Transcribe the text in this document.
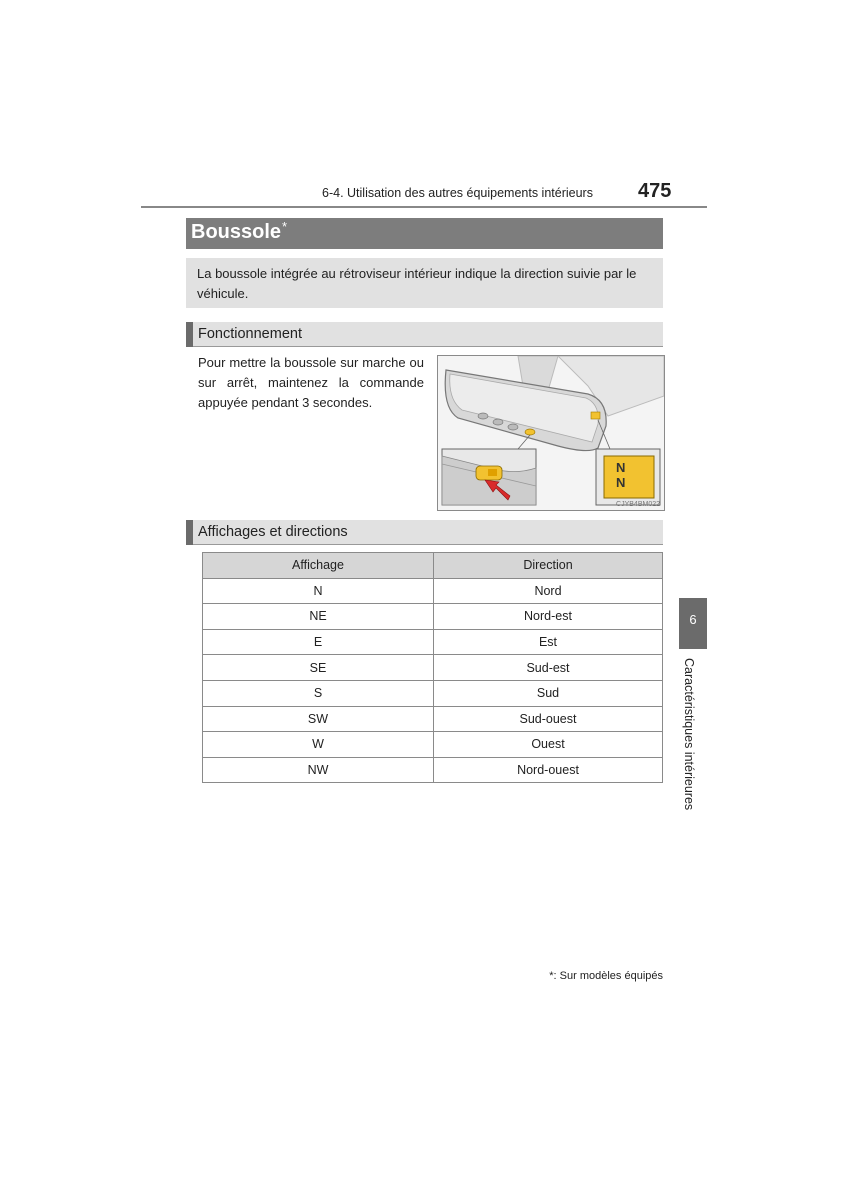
6-4. Utilisation des autres équipements intérieurs 475
Boussole*
La boussole intégrée au rétroviseur intérieur indique la direction suivie par le véhicule.
Fonctionnement
Pour mettre la boussole sur marche ou sur arrêt, maintenez la commande appuyée pendant 3 secondes.
N
N
CJYB4BM022
Affichages et directions
Affichage	Direction
N	Nord
NE	Nord-est
E	Est
SE	Sud-est
S	Sud
SW	Sud-ouest
W	Ouest
NW	Nord-ouest
6
Caractéristiques intérieures
*: Sur modèles équipés
